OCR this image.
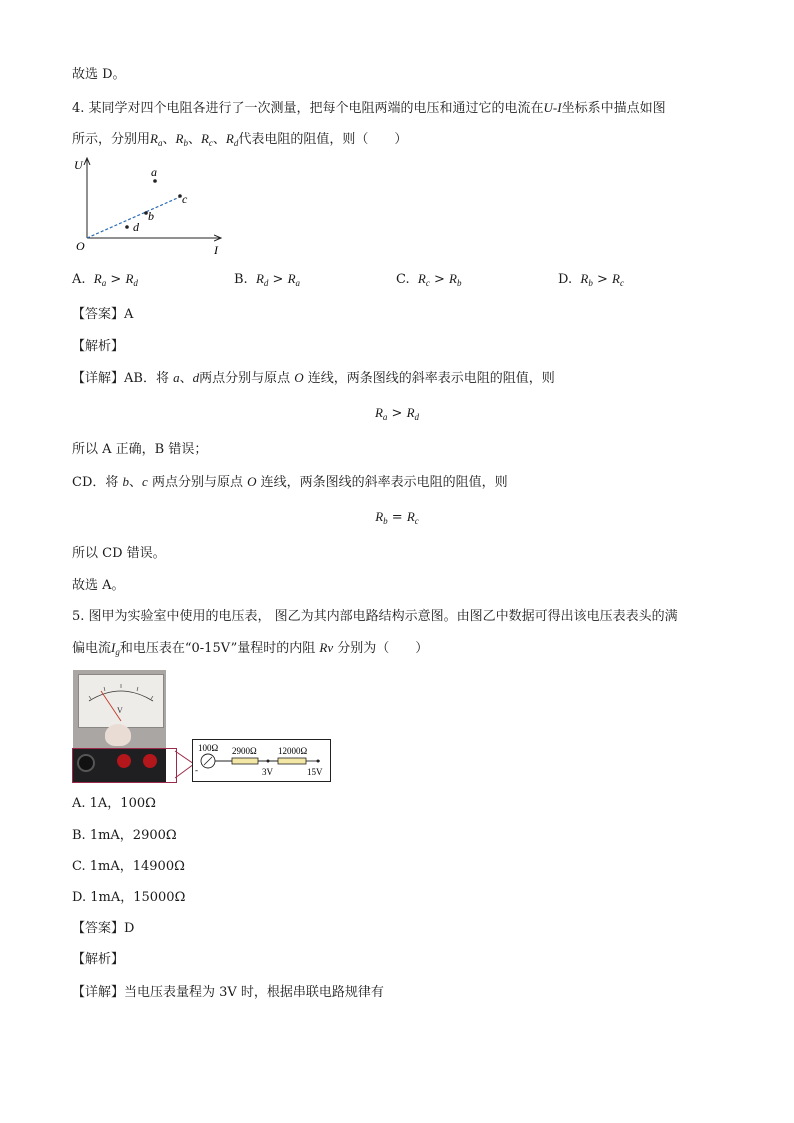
故选 D。
4. 某同学对四个电阻各进行了一次测量，把每个电阻两端的电压和通过它的电流在U-I坐标系中描点如图
所示，分别用$R_a$、$R_b$、$R_c$、$R_d$代表电阻的阻值，则（　　）
U
I
O
a
c
b
d
A. $R_a > R_d$	B. $R_d > R_a$	C. $R_c > R_b$	D. $R_b > R_c$
【答案】A
【解析】
【详解】AB．将 a、d两点分别与原点 O 连线，两条图线的斜率表示电阻的阻值，则
$R_a > R_d$
所以 A 正确，B 错误；
CD．将 b、c 两点分别与原点 O 连线，两条图线的斜率表示电阻的阻值，则
$R_b = R_c$
所以 CD 错误。
故选 A。
5. 图甲为实验室中使用的电压表， 图乙为其内部电路结构示意图。由图乙中数据可得出该电压表表头的满
偏电流$I_g$和电压表在“0-15V”量程时的内阻 Rv 分别为（　　）
V
100Ω
-
2900Ω
3V
12000Ω
15V
A. 1A，100Ω
B. 1mA，2900Ω
C. 1mA，14900Ω
D. 1mA，15000Ω
【答案】D
【解析】
【详解】当电压表量程为 3V 时，根据串联电路规律有
